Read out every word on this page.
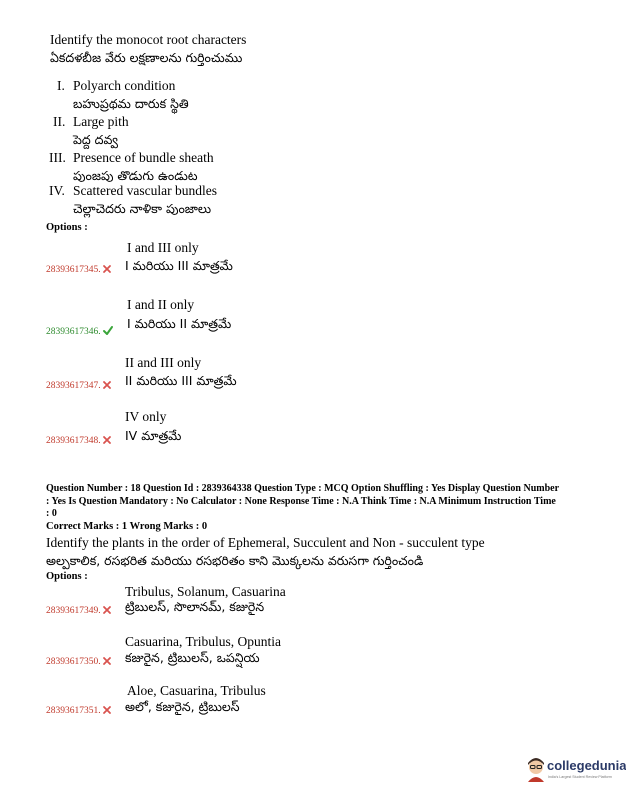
Identify the monocot root characters
ఏకదళబీజ వేరు లక్షణాలను గుర్తించుము
I. Polyarch condition
బహుప్రథమ దారుక స్థితి
II. Large pith
పెద్ద దవ్వ
III. Presence of bundle sheath
పుంజపు తొడుగు ఉండుట
IV. Scattered vascular bundles
చెల్లాచెదరు నాళికా పుంజాలు
Options :
I and III only
28393617345.	I మరియు III మాత్రమే
I and II only
28393617346.
I మరియు II మాత్రమే
II and III only
28393617347.	II మరియు III మాత్రమే
IV only
28393617348.	IV మాత్రమే
Question Number : 18 Question Id : 2839364338 Question Type : MCQ Option Shuffling : Yes Display Question Number : Yes Is Question Mandatory : No Calculator : None Response Time : N.A Think Time : N.A Minimum Instruction Time : 0
Correct Marks : 1 Wrong Marks : 0
Identify the plants in the order of Ephemeral, Succulent and Non - succulent type
అల్పకాలిక, రసభరిత మరియు రసభరితం కాని మొక్కలను వరుసగా గుర్తించండి
Options :
Tribulus, Solanum, Casuarina
28393617349.	ట్రిబులస్, సొలానమ్, కజురైన
Casuarina, Tribulus, Opuntia
28393617350.	కజురైన, ట్రిబులస్, ఒపన్షియ
Aloe, Casuarina, Tribulus
28393617351.	అలో, కజురైన, ట్రిబులస్
collegedunia
India's Largest Student Review Platform
